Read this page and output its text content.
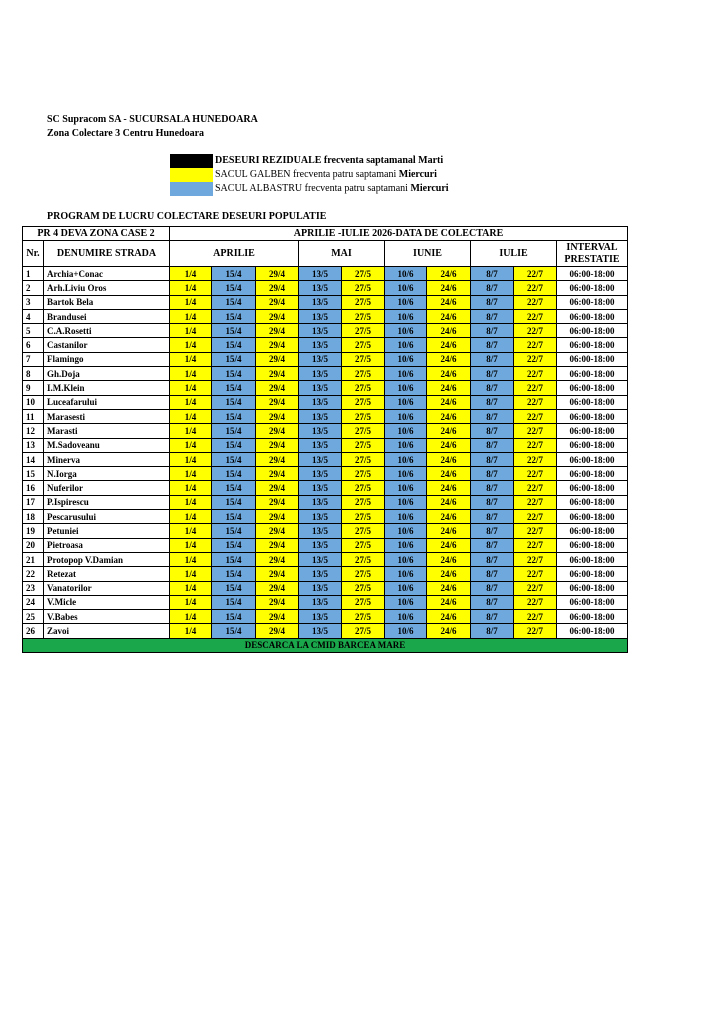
SC Supracom SA - SUCURSALA HUNEDOARA
Zona Colectare 3 Centru Hunedoara
DESEURI REZIDUALE frecventa saptamanal Marti
SACUL GALBEN frecventa patru saptamani Miercuri
SACUL ALBASTRU frecventa patru saptamani Miercuri
PROGRAM DE LUCRU COLECTARE DESEURI POPULATIE
PR 4 DEVA ZONA CASE 2		APRILIE -IULIE 2026-DATA DE COLECTARE									
Nr.	DENUMIRE STRADA	APRILIE			MAI		IUNIE		IULIE		INTERVAL PRESTATIE
1	Archia+Conac	1/4	15/4	29/4	13/5	27/5	10/6	24/6	8/7	22/7	06:00-18:00
2	Arh.Liviu Oros	1/4	15/4	29/4	13/5	27/5	10/6	24/6	8/7	22/7	06:00-18:00
3	Bartok Bela	1/4	15/4	29/4	13/5	27/5	10/6	24/6	8/7	22/7	06:00-18:00
4	Brandusei	1/4	15/4	29/4	13/5	27/5	10/6	24/6	8/7	22/7	06:00-18:00
5	C.A.Rosetti	1/4	15/4	29/4	13/5	27/5	10/6	24/6	8/7	22/7	06:00-18:00
6	Castanilor	1/4	15/4	29/4	13/5	27/5	10/6	24/6	8/7	22/7	06:00-18:00
7	Flamingo	1/4	15/4	29/4	13/5	27/5	10/6	24/6	8/7	22/7	06:00-18:00
8	Gh.Doja	1/4	15/4	29/4	13/5	27/5	10/6	24/6	8/7	22/7	06:00-18:00
9	I.M.Klein	1/4	15/4	29/4	13/5	27/5	10/6	24/6	8/7	22/7	06:00-18:00
10	Luceafarului	1/4	15/4	29/4	13/5	27/5	10/6	24/6	8/7	22/7	06:00-18:00
11	Marasesti	1/4	15/4	29/4	13/5	27/5	10/6	24/6	8/7	22/7	06:00-18:00
12	Marasti	1/4	15/4	29/4	13/5	27/5	10/6	24/6	8/7	22/7	06:00-18:00
13	M.Sadoveanu	1/4	15/4	29/4	13/5	27/5	10/6	24/6	8/7	22/7	06:00-18:00
14	Minerva	1/4	15/4	29/4	13/5	27/5	10/6	24/6	8/7	22/7	06:00-18:00
15	N.Iorga	1/4	15/4	29/4	13/5	27/5	10/6	24/6	8/7	22/7	06:00-18:00
16	Nuferilor	1/4	15/4	29/4	13/5	27/5	10/6	24/6	8/7	22/7	06:00-18:00
17	P.Ispirescu	1/4	15/4	29/4	13/5	27/5	10/6	24/6	8/7	22/7	06:00-18:00
18	Pescarusului	1/4	15/4	29/4	13/5	27/5	10/6	24/6	8/7	22/7	06:00-18:00
19	Petuniei	1/4	15/4	29/4	13/5	27/5	10/6	24/6	8/7	22/7	06:00-18:00
20	Pietroasa	1/4	15/4	29/4	13/5	27/5	10/6	24/6	8/7	22/7	06:00-18:00
21	Protopop V.Damian	1/4	15/4	29/4	13/5	27/5	10/6	24/6	8/7	22/7	06:00-18:00
22	Retezat	1/4	15/4	29/4	13/5	27/5	10/6	24/6	8/7	22/7	06:00-18:00
23	Vanatorilor	1/4	15/4	29/4	13/5	27/5	10/6	24/6	8/7	22/7	06:00-18:00
24	V.Micle	1/4	15/4	29/4	13/5	27/5	10/6	24/6	8/7	22/7	06:00-18:00
25	V.Babes	1/4	15/4	29/4	13/5	27/5	10/6	24/6	8/7	22/7	06:00-18:00
26	Zavoi	1/4	15/4	29/4	13/5	27/5	10/6	24/6	8/7	22/7	06:00-18:00
DESCARCA LA CMID BARCEA MARE											
